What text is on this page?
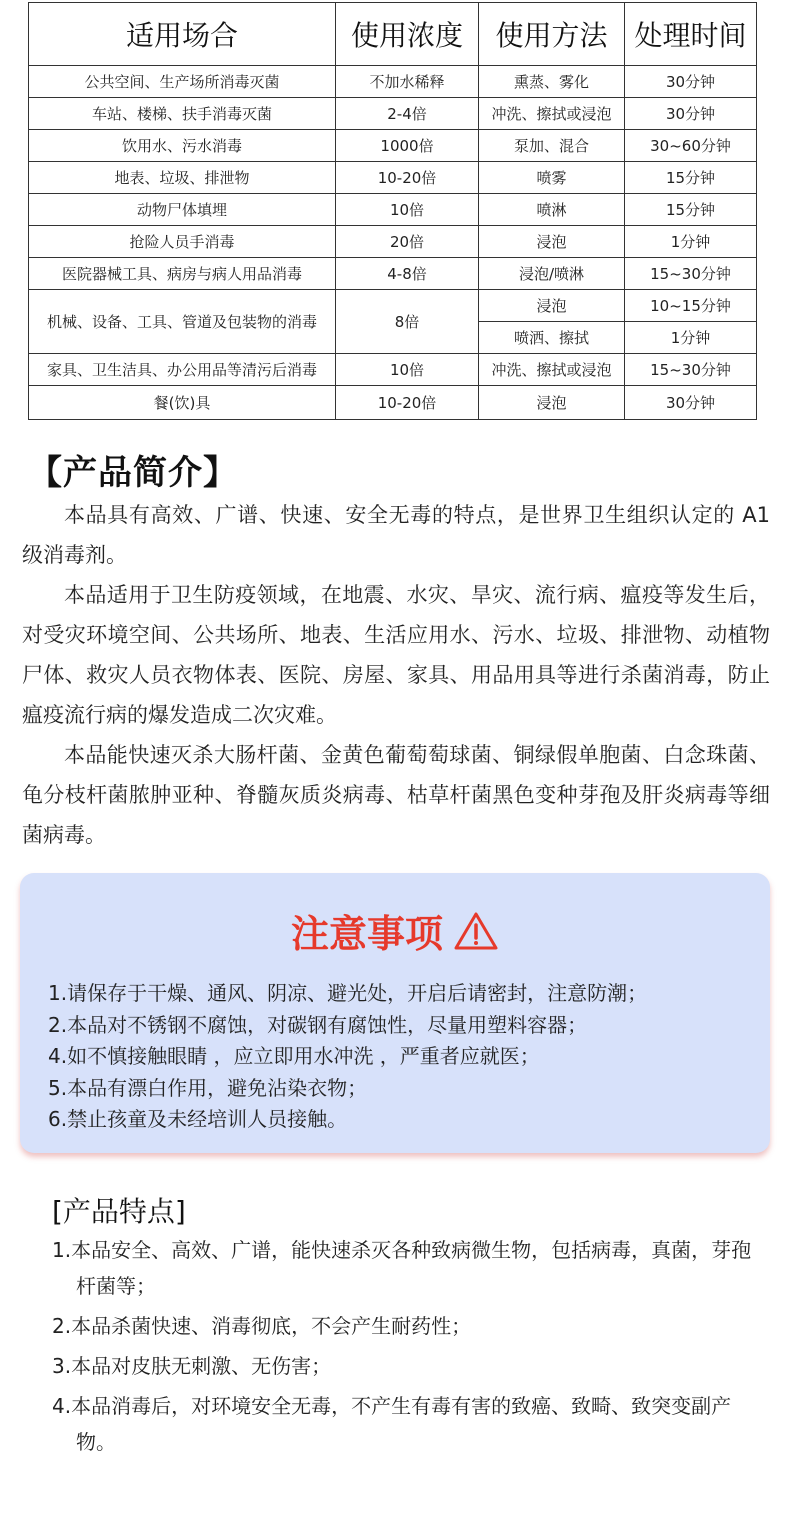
适用场合	使用浓度	使用方法	处理时间
公共空间、生产场所消毒灭菌	不加水稀释	熏蒸、雾化	30分钟
车站、楼梯、扶手消毒灭菌	2-4倍	冲洗、擦拭或浸泡	30分钟
饮用水、污水消毒	1000倍	泵加、混合	30~60分钟
地表、垃圾、排泄物	10-20倍	喷雾	15分钟
动物尸体填埋	10倍	喷淋	15分钟
抢险人员手消毒	20倍	浸泡	1分钟
医院器械工具、病房与病人用品消毒	4-8倍	浸泡/喷淋	15~30分钟
机械、设备、工具、管道及包装物的消毒	8倍	浸泡	10~15分钟
		喷洒、擦拭	1分钟
家具、卫生洁具、办公用品等清污后消毒	10倍	冲洗、擦拭或浸泡	15~30分钟
餐(饮)具	10-20倍	浸泡	30分钟
【产品简介】

本品具有高效、广谱、快速、安全无毒的特点，是世界卫生组织认定的 A1 级消毒剂。

本品适用于卫生防疫领域，在地震、水灾、旱灾、流行病、瘟疫等发生后，对受灾环境空间、公共场所、地表、生活应用水、污水、垃圾、排泄物、动植物尸体、救灾人员衣物体表、医院、房屋、家具、用品用具等进行杀菌消毒，防止瘟疫流行病的爆发造成二次灾难。

本品能快速灭杀大肠杆菌、金黄色葡萄萄球菌、铜绿假单胞菌、白念珠菌、龟分枝杆菌脓肿亚种、脊髓灰质炎病毒、枯草杆菌黑色变种芽孢及肝炎病毒等细菌病毒。

注意事项
1.请保存于干燥、通风、阴凉、避光处，开启后请密封，注意防潮；
2.本品对不锈钢不腐蚀，对碳钢有腐蚀性，尽量用塑料容器；
4.如不慎接触眼睛 ，应立即用水冲洗 ，严重者应就医；
5.本品有漂白作用，避免沾染衣物；
6.禁止孩童及未经培训人员接触。
[产品特点]
1.本品安全、高效、广谱，能快速杀灭各种致病微生物，包括病毒，真菌，芽孢杆菌等；
2.本品杀菌快速、消毒彻底，不会产生耐药性；
3.本品对皮肤无刺激、无伤害；
4.本品消毒后，对环境安全无毒，不产生有毒有害的致癌、致畸、致突变副产物。
